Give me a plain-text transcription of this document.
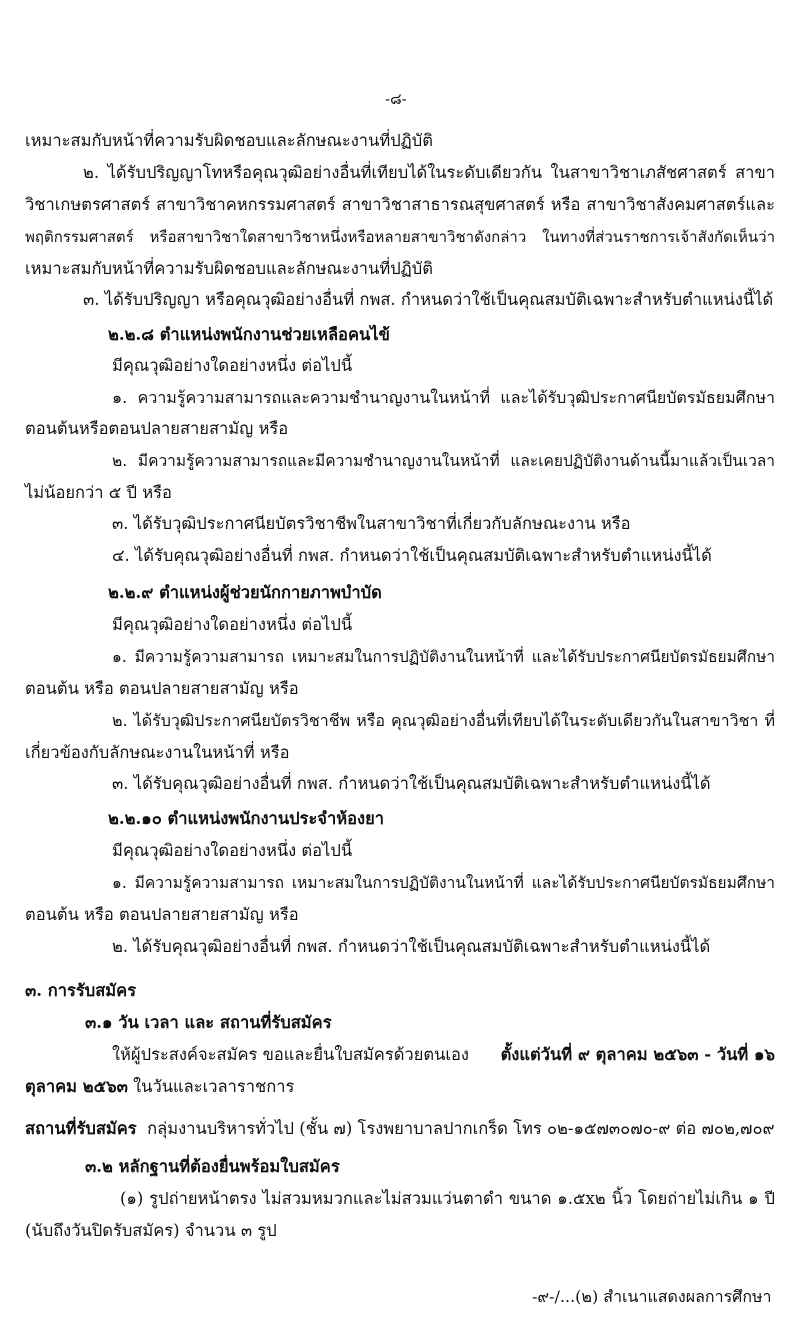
-๘-
เหมาะสมกับหน้าที่ความรับผิดชอบและลักษณะงานที่ปฏิบัติ
๒. ได้รับปริญญาโทหรือคุณวุฒิอย่างอื่นที่เทียบได้ในระดับเดียวกัน ในสาขาวิชาเภสัชศาสตร์ สาขา
วิชาเกษตรศาสตร์ สาขาวิชาคหกรรมศาสตร์ สาขาวิชาสาธารณสุขศาสตร์ หรือ สาขาวิชาสังคมศาสตร์และ
พฤติกรรมศาสตร์ หรือสาขาวิชาใดสาขาวิชาหนึ่งหรือหลายสาขาวิชาดังกล่าว ในทางที่ส่วนราชการเจ้าสังกัดเห็นว่า
เหมาะสมกับหน้าที่ความรับผิดชอบและลักษณะงานที่ปฏิบัติ
๓. ได้รับปริญญา หรือคุณวุฒิอย่างอื่นที่ กพส. กำหนดว่าใช้เป็นคุณสมบัติเฉพาะสำหรับตำแหน่งนี้ได้
๒.๒.๘ ตำแหน่งพนักงานช่วยเหลือคนไข้
มีคุณวุฒิอย่างใดอย่างหนึ่ง ต่อไปนี้
๑. ความรู้ความสามารถและความชำนาญงานในหน้าที่ และได้รับวุฒิประกาศนียบัตรมัธยมศึกษา
ตอนต้นหรือตอนปลายสายสามัญ หรือ
๒. มีความรู้ความสามารถและมีความชำนาญงานในหน้าที่ และเคยปฏิบัติงานด้านนี้มาแล้วเป็นเวลา
ไม่น้อยกว่า ๕ ปี หรือ
๓. ได้รับวุฒิประกาศนียบัตรวิชาชีพในสาขาวิชาที่เกี่ยวกับลักษณะงาน หรือ
๔. ได้รับคุณวุฒิอย่างอื่นที่ กพส. กำหนดว่าใช้เป็นคุณสมบัติเฉพาะสำหรับตำแหน่งนี้ได้
๒.๒.๙ ตำแหน่งผู้ช่วยนักกายภาพบำบัด
มีคุณวุฒิอย่างใดอย่างหนึ่ง ต่อไปนี้
๑. มีความรู้ความสามารถ เหมาะสมในการปฏิบัติงานในหน้าที่ และได้รับประกาศนียบัตรมัธยมศึกษา
ตอนต้น หรือ ตอนปลายสายสามัญ หรือ
๒. ได้รับวุฒิประกาศนียบัตรวิชาชีพ หรือ คุณวุฒิอย่างอื่นที่เทียบได้ในระดับเดียวกันในสาขาวิชา ที่
เกี่ยวข้องกับลักษณะงานในหน้าที่ หรือ
๓. ได้รับคุณวุฒิอย่างอื่นที่ กพส. กำหนดว่าใช้เป็นคุณสมบัติเฉพาะสำหรับตำแหน่งนี้ได้
๒.๒.๑๐ ตำแหน่งพนักงานประจำห้องยา
มีคุณวุฒิอย่างใดอย่างหนึ่ง ต่อไปนี้
๑. มีความรู้ความสามารถ เหมาะสมในการปฏิบัติงานในหน้าที่ และได้รับประกาศนียบัตรมัธยมศึกษา
ตอนต้น หรือ ตอนปลายสายสามัญ หรือ
๒. ได้รับคุณวุฒิอย่างอื่นที่ กพส. กำหนดว่าใช้เป็นคุณสมบัติเฉพาะสำหรับตำแหน่งนี้ได้
๓. การรับสมัคร
๓.๑ วัน เวลา และ สถานที่รับสมัคร
ให้ผู้ประสงค์จะสมัคร ขอและยื่นใบสมัครด้วยตนเอง ตั้งแต่วันที่ ๙ ตุลาคม ๒๕๖๓ - วันที่ ๑๖
ตุลาคม ๒๕๖๓ ในวันและเวลาราชการ
สถานที่รับสมัคร กลุ่มงานบริหารทั่วไป (ชั้น ๗) โรงพยาบาลปากเกร็ด โทร ๐๒-๑๕๗๓๐๗๐-๙ ต่อ ๗๐๒,๗๐๙
๓.๒ หลักฐานที่ต้องยื่นพร้อมใบสมัคร
(๑) รูปถ่ายหน้าตรง ไม่สวมหมวกและไม่สวมแว่นตาดำ ขนาด ๑.๕x๒ นิ้ว โดยถ่ายไม่เกิน ๑ ปี
(นับถึงวันปิดรับสมัคร) จำนวน ๓ รูป
-๙-/...(๒) สำเนาแสดงผลการศึกษา
